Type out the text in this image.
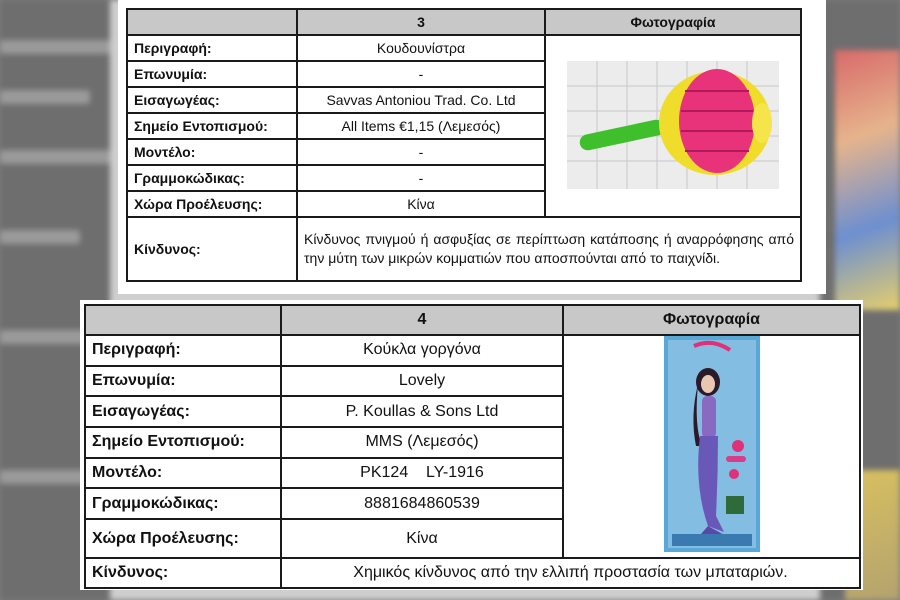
	3	Φωτογραφία
Περιγραφή:	Κουδουνίστρα	
Επωνυμία:	-	
Εισαγωγέας:	Savvas Antoniou Trad. Co. Ltd	
Σημείο Εντοπισμού:	All Items €1,15 (Λεμεσός)	
Μοντέλο:	-	
Γραμμοκώδικας:	-	
Χώρα Προέλευσης:	Κίνα	
Κίνδυνος:	Κίνδυνος πνιγμού ή ασφυξίας σε περίπτωση κατάποσης ή αναρρόφησης από την μύτη των μικρών κομματιών που αποσπούνται από το παιχνίδι.	
	4	Φωτογραφία
Περιγραφή:	Κούκλα γοργόνα	

Επωνυμία:	Lovely	
Εισαγωγέας:	P. Koullas & Sons Ltd	
Σημείο Εντοπισμού:	MMS (Λεμεσός)	
Μοντέλο:	PK124    LY-1916	
Γραμμοκώδικας:	8881684860539	
Χώρα Προέλευσης:	Κίνα	
Κίνδυνος:	Χημικός κίνδυνος από την ελλιπή προστασία των μπαταριών.	
